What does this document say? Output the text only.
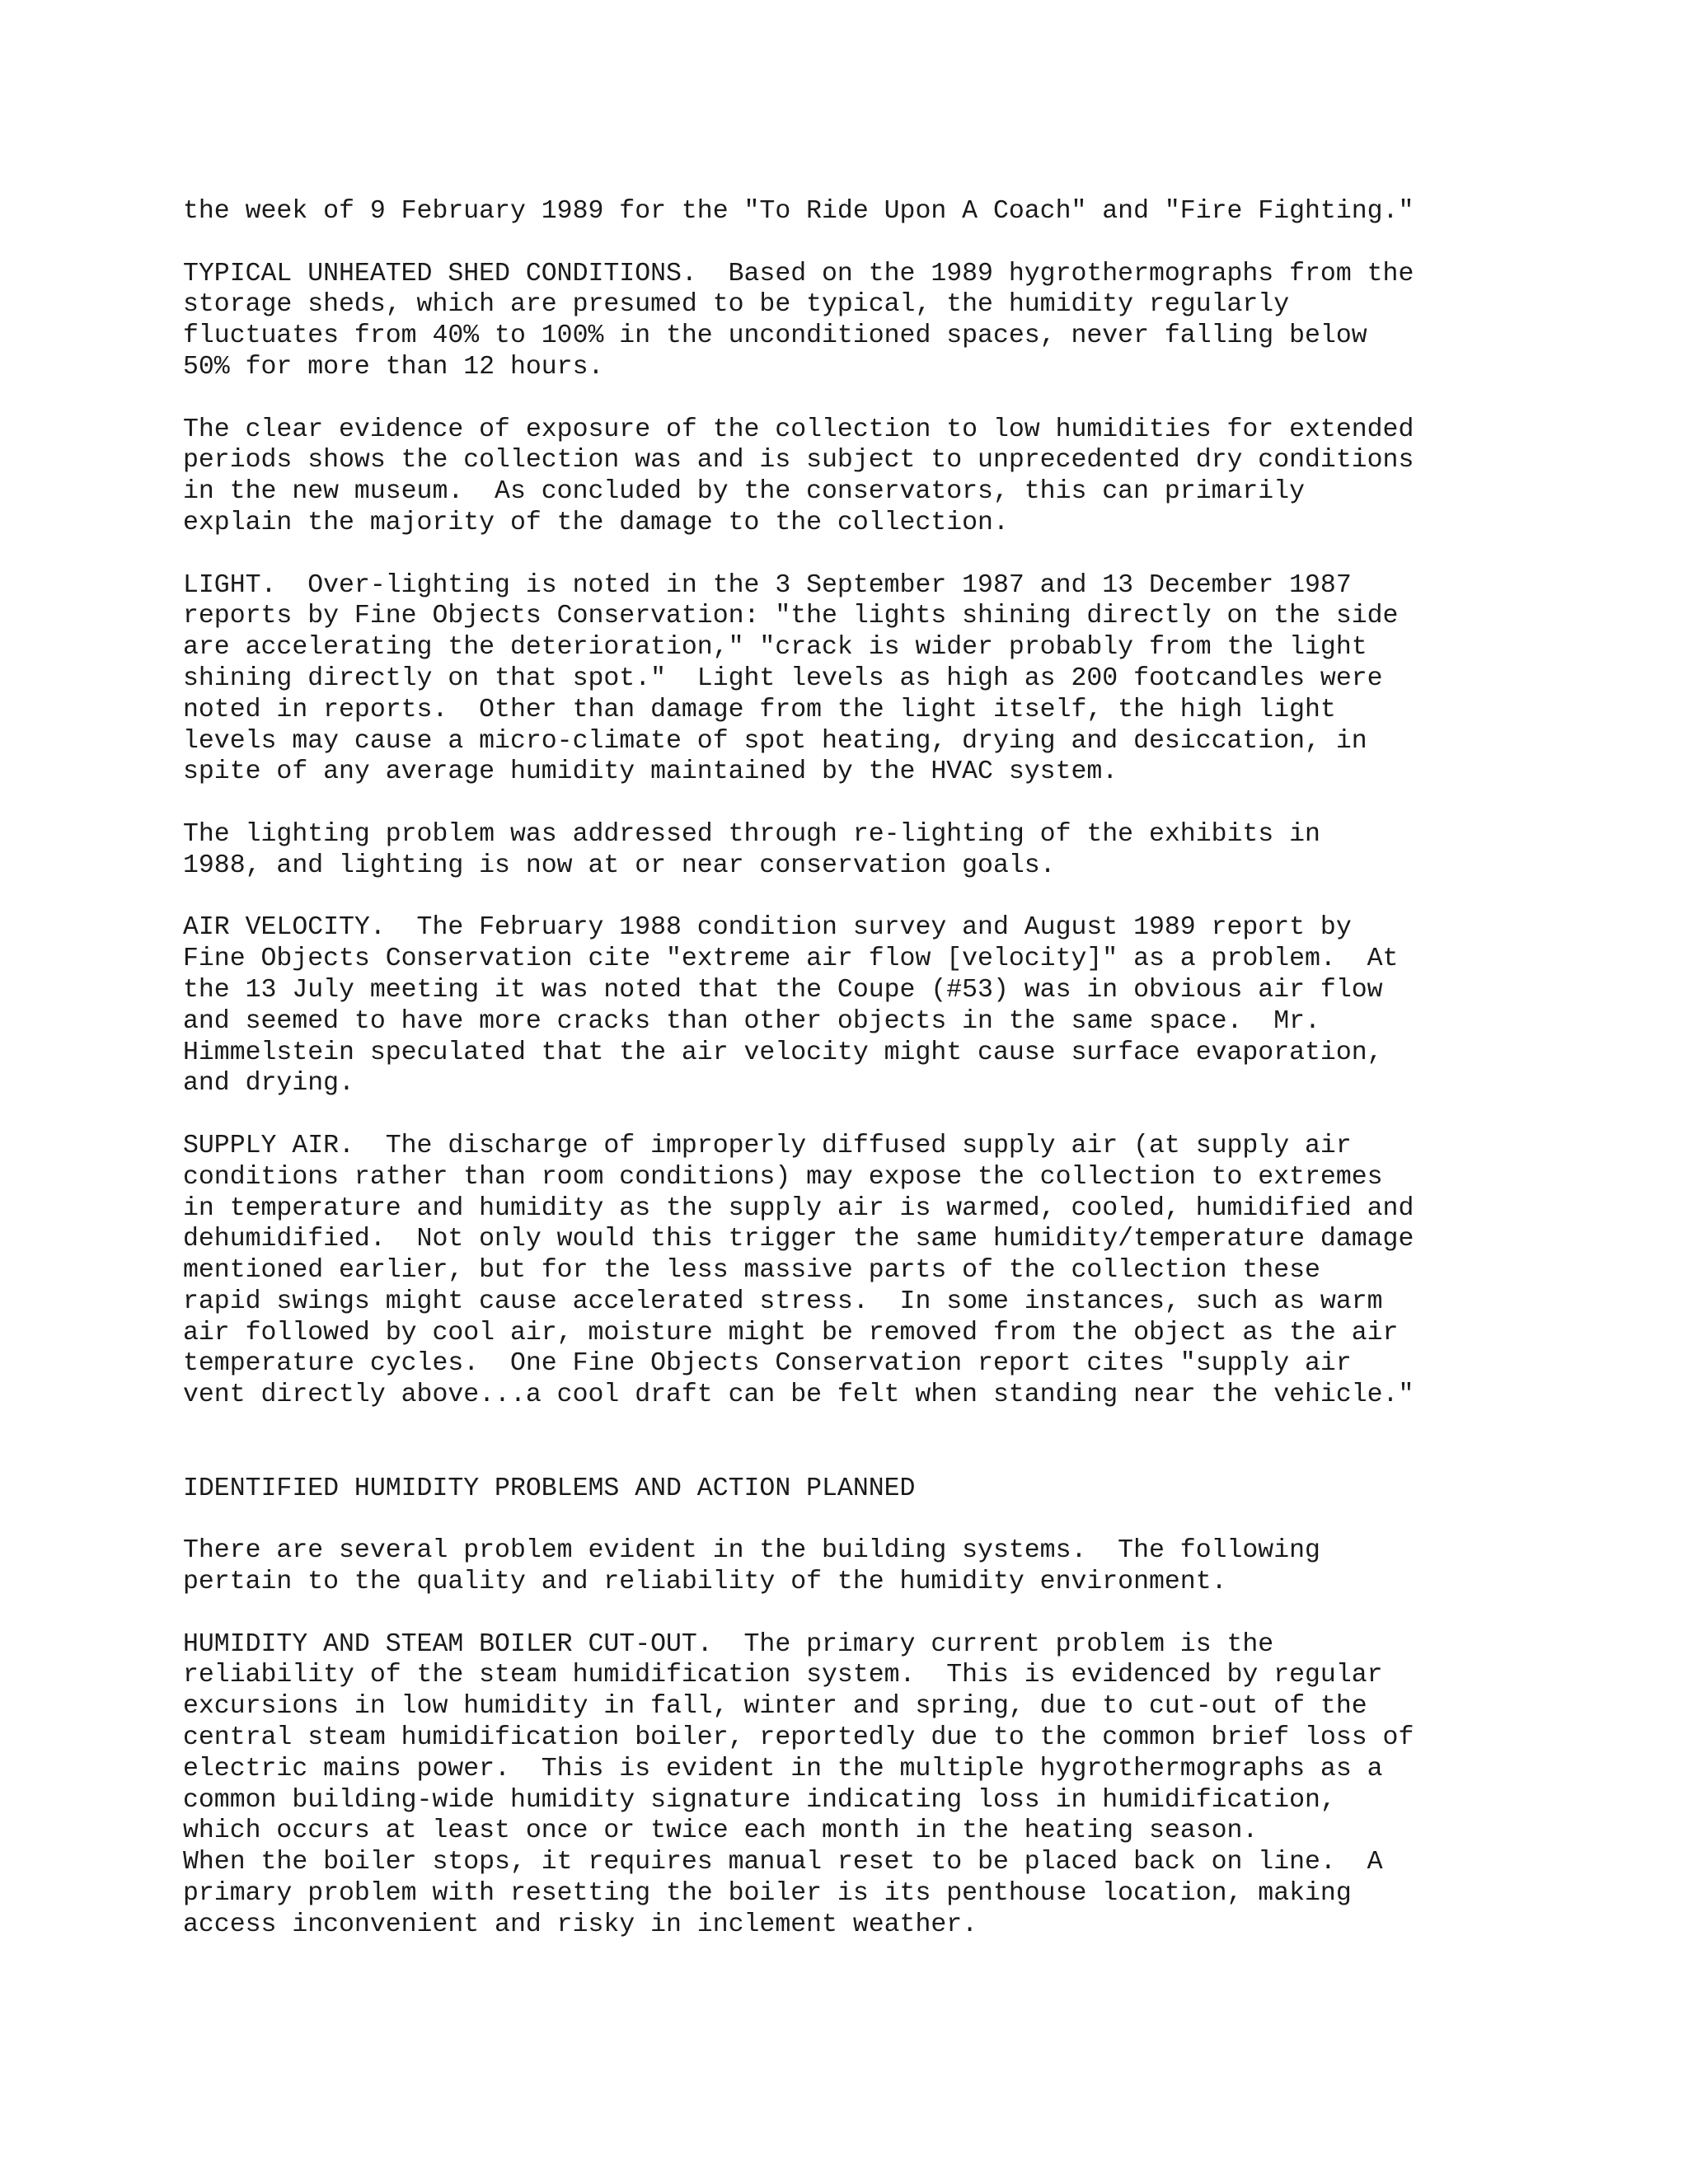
the week of 9 February 1989 for the "To Ride Upon A Coach" and "Fire Fighting."
TYPICAL UNHEATED SHED CONDITIONS.  Based on the 1989 hygrothermographs from the
storage sheds, which are presumed to be typical, the humidity regularly
fluctuates from 40% to 100% in the unconditioned spaces, never falling below
50% for more than 12 hours.
The clear evidence of exposure of the collection to low humidities for extended
periods shows the collection was and is subject to unprecedented dry conditions
in the new museum.  As concluded by the conservators, this can primarily
explain the majority of the damage to the collection.
LIGHT.  Over-lighting is noted in the 3 September 1987 and 13 December 1987
reports by Fine Objects Conservation: "the lights shining directly on the side
are accelerating the deterioration," "crack is wider probably from the light
shining directly on that spot."  Light levels as high as 200 footcandles were
noted in reports.  Other than damage from the light itself, the high light
levels may cause a micro-climate of spot heating, drying and desiccation, in
spite of any average humidity maintained by the HVAC system.
The lighting problem was addressed through re-lighting of the exhibits in
1988, and lighting is now at or near conservation goals.
AIR VELOCITY.  The February 1988 condition survey and August 1989 report by
Fine Objects Conservation cite "extreme air flow [velocity]" as a problem.  At
the 13 July meeting it was noted that the Coupe (#53) was in obvious air flow
and seemed to have more cracks than other objects in the same space.  Mr.
Himmelstein speculated that the air velocity might cause surface evaporation,
and drying.
SUPPLY AIR.  The discharge of improperly diffused supply air (at supply air
conditions rather than room conditions) may expose the collection to extremes
in temperature and humidity as the supply air is warmed, cooled, humidified and
dehumidified.  Not only would this trigger the same humidity/temperature damage
mentioned earlier, but for the less massive parts of the collection these
rapid swings might cause accelerated stress.  In some instances, such as warm
air followed by cool air, moisture might be removed from the object as the air
temperature cycles.  One Fine Objects Conservation report cites "supply air
vent directly above...a cool draft can be felt when standing near the vehicle."
IDENTIFIED HUMIDITY PROBLEMS AND ACTION PLANNED
There are several problem evident in the building systems.  The following
pertain to the quality and reliability of the humidity environment.
HUMIDITY AND STEAM BOILER CUT-OUT.  The primary current problem is the
reliability of the steam humidification system.  This is evidenced by regular
excursions in low humidity in fall, winter and spring, due to cut-out of the
central steam humidification boiler, reportedly due to the common brief loss of
electric mains power.  This is evident in the multiple hygrothermographs as a
common building-wide humidity signature indicating loss in humidification,
which occurs at least once or twice each month in the heating season.
When the boiler stops, it requires manual reset to be placed back on line.  A
primary problem with resetting the boiler is its penthouse location, making
access inconvenient and risky in inclement weather.
